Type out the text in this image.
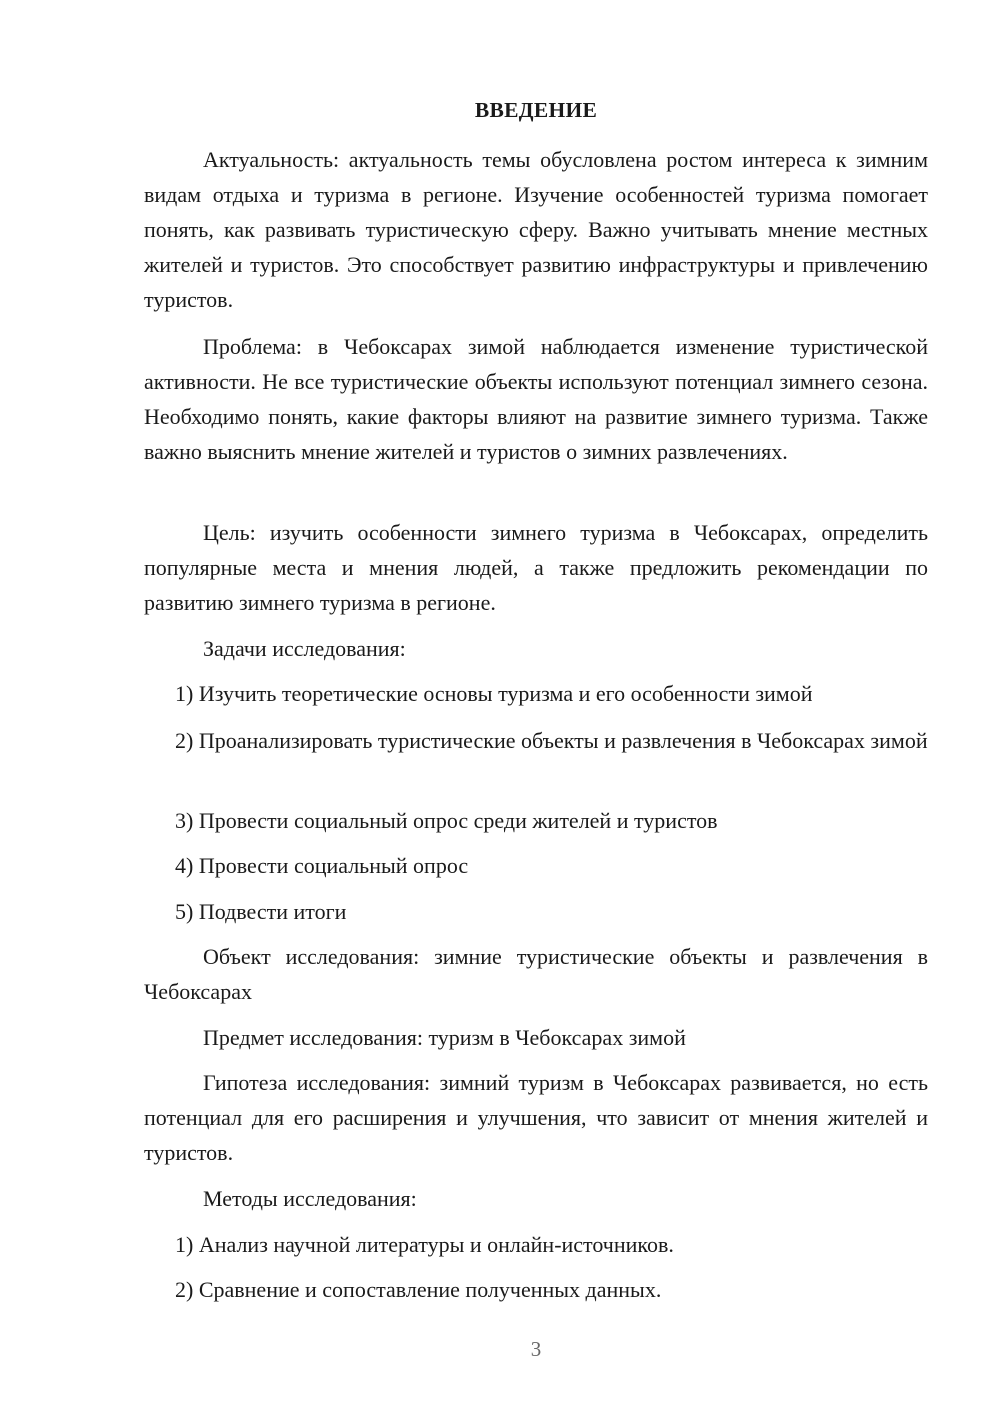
ВВЕДЕНИЕ
Актуальность: актуальность темы обусловлена ростом интереса к зимним видам отдыха и туризма в регионе. Изучение особенностей туризма помогает понять, как развивать туристическую сферу. Важно учитывать мнение местных жителей и туристов. Это способствует развитию инфраструктуры и привлечению туристов.
Проблема: в Чебоксарах зимой наблюдается изменение туристической активности. Не все туристические объекты используют потенциал зимнего сезона. Необходимо понять, какие факторы влияют на развитие зимнего туризма. Также важно выяснить мнение жителей и туристов о зимних развлечениях.
Цель: изучить особенности зимнего туризма в Чебоксарах, определить популярные места и мнения людей, а также предложить рекомендации по развитию зимнего туризма в регионе.
Задачи исследования:
1) Изучить теоретические основы туризма и его особенности зимой
2) Проанализировать туристические объекты и развлечения в Чебоксарах зимой
3) Провести социальный опрос среди жителей и туристов
4) Провести социальный опрос
5) Подвести итоги
Объект исследования: зимние туристические объекты и развлечения в Чебоксарах
Предмет исследования: туризм в Чебоксарах зимой
Гипотеза исследования: зимний туризм в Чебоксарах развивается, но есть потенциал для его расширения и улучшения, что зависит от мнения жителей и туристов.
Методы исследования:
1) Анализ научной литературы и онлайн-источников.
2) Сравнение и сопоставление полученных данных.
3
